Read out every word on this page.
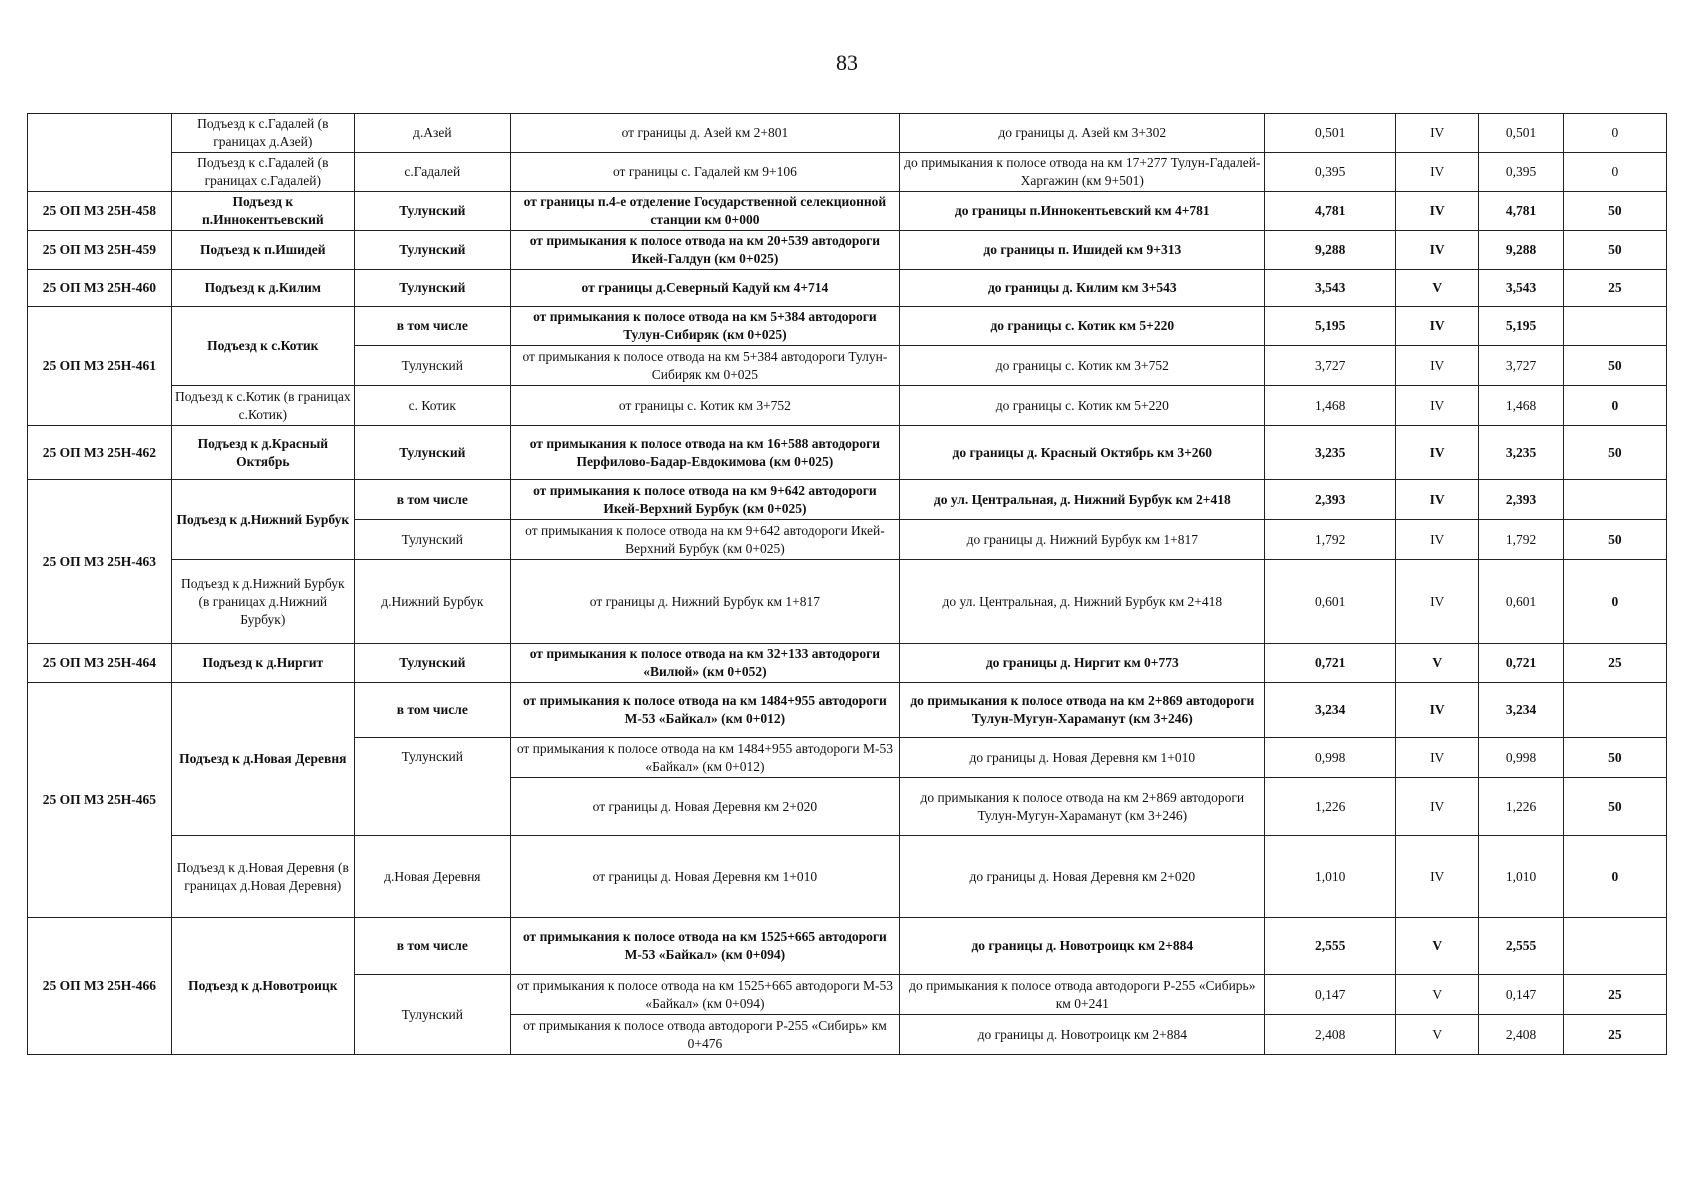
83
	Подъезд к с.Гадалей (в границах д.Азей)	д.Азей	от границы д. Азей км 2+801	до границы д. Азей км 3+302	0,501	IV	0,501	0
	Подъезд к с.Гадалей (в границах с.Гадалей)	с.Гадалей	от границы с. Гадалей км 9+106	до примыкания к полосе отвода на км 17+277 Тулун-Гадалей-Харгажин (км 9+501)	0,395	IV	0,395	0
25 ОП МЗ 25Н-458	Подъезд к п.Иннокентьевский	Тулунский	от границы п.4-е отделение Государственной селекционной станции км 0+000	до границы п.Иннокентьевский км 4+781	4,781	IV	4,781	50
25 ОП МЗ 25Н-459	Подъезд к п.Ишидей	Тулунский	от примыкания к полосе отвода на км 20+539 автодороги Икей-Галдун (км 0+025)	до границы п. Ишидей км 9+313	9,288	IV	9,288	50
25 ОП МЗ 25Н-460	Подъезд к д.Килим	Тулунский	от границы д.Северный Кадуй км 4+714	до границы д. Килим км 3+543	3,543	V	3,543	25
25 ОП МЗ 25Н-461	Подъезд к с.Котик	в том числе	от примыкания к полосе отвода на км 5+384 автодороги Тулун-Сибиряк (км 0+025)	до границы с. Котик км 5+220	5,195	IV	5,195	
		Тулунский	от примыкания к полосе отвода на км 5+384 автодороги Тулун-Сибиряк км 0+025	до границы с. Котик км 3+752	3,727	IV	3,727	50
	Подъезд к с.Котик (в границах с.Котик)	с. Котик	от границы с. Котик км 3+752	до границы с. Котик км 5+220	1,468	IV	1,468	0
25 ОП МЗ 25Н-462	Подъезд к д.Красный Октябрь	Тулунский	от примыкания к полосе отвода на км 16+588 автодороги Перфилово-Бадар-Евдокимова (км 0+025)	до границы д. Красный Октябрь км 3+260	3,235	IV	3,235	50
25 ОП МЗ 25Н-463	Подъезд к д.Нижний Бурбук	в том числе	от примыкания к полосе отвода на км 9+642 автодороги Икей-Верхний Бурбук (км 0+025)	до ул. Центральная, д. Нижний Бурбук км 2+418	2,393	IV	2,393	
		Тулунский	от примыкания к полосе отвода на км 9+642 автодороги Икей-Верхний Бурбук (км 0+025)	до границы д. Нижний Бурбук км 1+817	1,792	IV	1,792	50
	Подъезд к д.Нижний Бурбук (в границах д.Нижний Бурбук)	д.Нижний Бурбук	от границы д. Нижний Бурбук км 1+817	до ул. Центральная, д. Нижний Бурбук км 2+418	0,601	IV	0,601	0
25 ОП МЗ 25Н-464	Подъезд к д.Ниргит	Тулунский	от примыкания к полосе отвода на км 32+133 автодороги «Вилюй» (км 0+052)	до границы д. Ниргит км 0+773	0,721	V	0,721	25
25 ОП МЗ 25Н-465	Подъезд к д.Новая Деревня	в том числе	от примыкания к полосе отвода на км 1484+955 автодороги М-53 «Байкал» (км 0+012)	до примыкания к полосе отвода на км 2+869 автодороги Тулун-Мугун-Хараманут (км 3+246)	3,234	IV	3,234	
		Тулунский	от примыкания к полосе отвода на км 1484+955 автодороги М-53 «Байкал» (км 0+012)	до границы д. Новая Деревня км 1+010	0,998	IV	0,998	50
			от границы д. Новая Деревня км 2+020	до примыкания к полосе отвода на км 2+869 автодороги Тулун-Мугун-Хараманут (км 3+246)	1,226	IV	1,226	50
	Подъезд к д.Новая Деревня (в границах д.Новая Деревня)	д.Новая Деревня	от границы д. Новая Деревня км 1+010	до границы д. Новая Деревня км 2+020	1,010	IV	1,010	0
25 ОП МЗ 25Н-466	Подъезд к д.Новотроицк	в том числе	от примыкания к полосе отвода на км 1525+665 автодороги М-53 «Байкал» (км 0+094)	до границы д. Новотроицк км 2+884	2,555	V	2,555	
		Тулунский	от примыкания к полосе отвода на км 1525+665 автодороги М-53 «Байкал» (км 0+094)	до примыкания к полосе отвода автодороги Р-255 «Сибирь» км 0+241	0,147	V	0,147	25
			от примыкания к полосе отвода автодороги Р-255 «Сибирь» км 0+476	до границы д. Новотроицк км 2+884	2,408	V	2,408	25
